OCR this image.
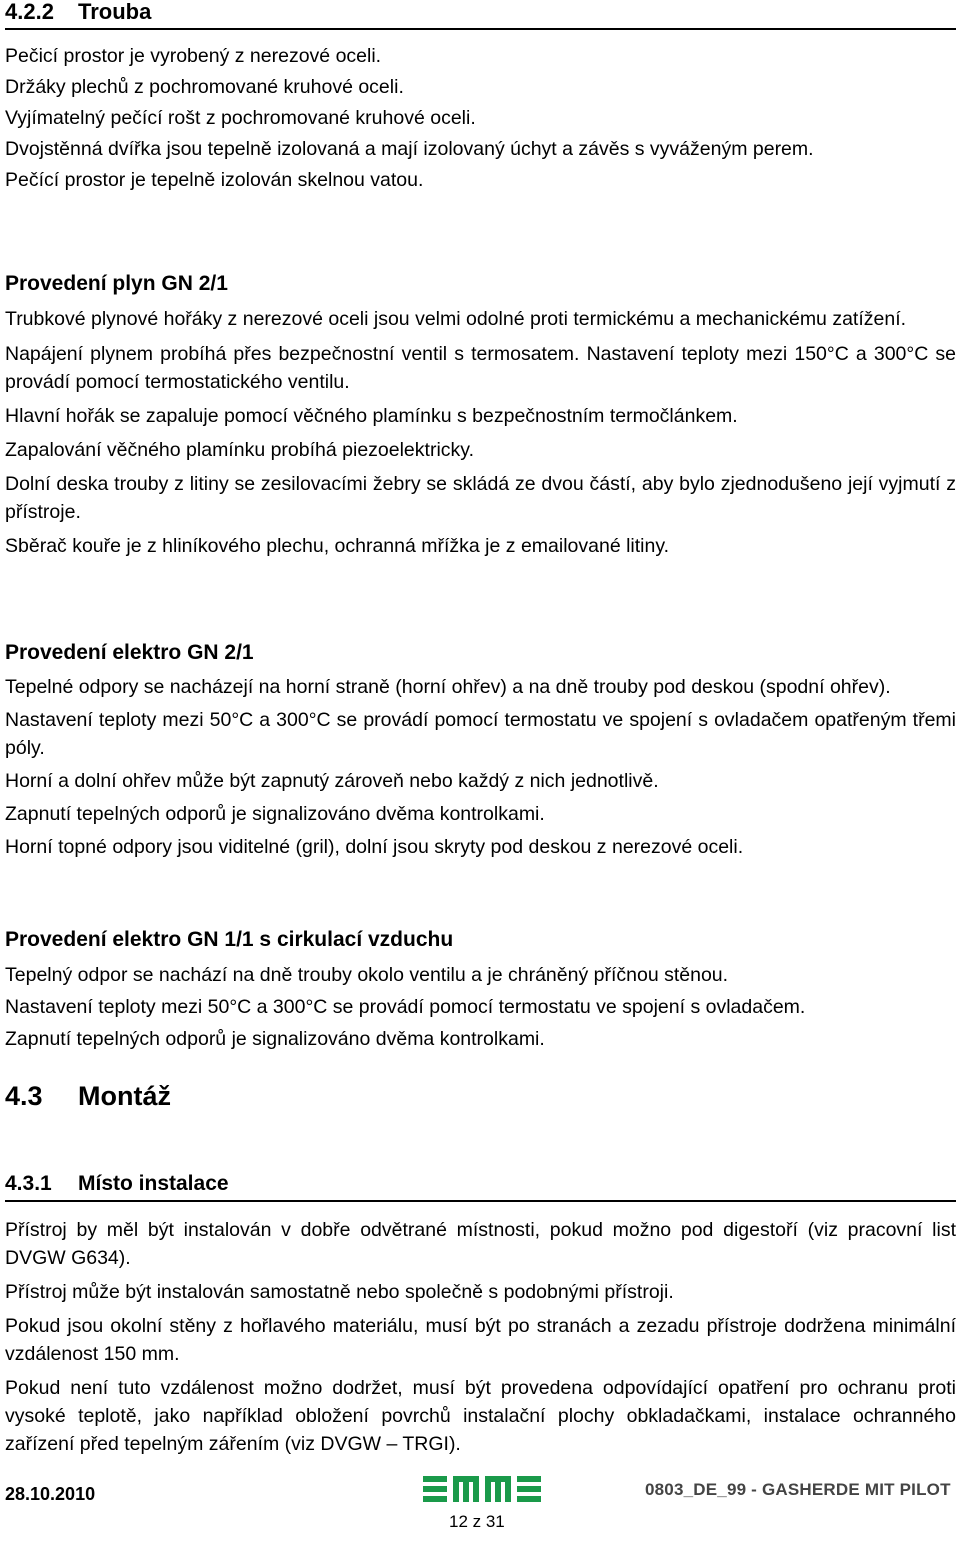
4.2.2 Trouba

Pečicí prostor je vyrobený z nerezové oceli.

Držáky plechů z pochromované kruhové oceli.

Vyjímatelný pečící rošt z pochromované kruhové oceli.

Dvojstěnná dvířka jsou tepelně izolovaná a mají izolovaný úchyt a závěs s vyváženým perem.

Pečící prostor je tepelně izolován skelnou vatou.

Provedení plyn GN 2/1

Trubkové plynové hořáky z nerezové oceli jsou velmi odolné proti termickému a mechanickému zatížení.

Napájení plynem probíhá přes bezpečnostní ventil s termosatem. Nastavení teploty mezi 150°C a 300°C se provádí pomocí termostatického ventilu.

Hlavní hořák se zapaluje pomocí věčného plamínku s bezpečnostním termočlánkem.

Zapalování věčného plamínku probíhá piezoelektricky.

Dolní deska trouby z litiny se zesilovacími žebry se skládá ze dvou částí, aby bylo zjednodušeno její vyjmutí z přístroje.

Sběrač kouře je z hliníkového plechu, ochranná mřížka je z emailované litiny.

Provedení elektro GN 2/1

Tepelné odpory se nacházejí na horní straně (horní ohřev) a na dně trouby pod deskou (spodní ohřev).

Nastavení teploty mezi 50°C a 300°C se provádí pomocí termostatu ve spojení s ovladačem opatřeným třemi póly.

Horní a dolní ohřev může být zapnutý zároveň nebo každý z nich jednotlivě.

Zapnutí tepelných odporů je signalizováno dvěma kontrolkami.

Horní topné odpory jsou viditelné (gril), dolní jsou skryty pod deskou z nerezové oceli.

Provedení elektro GN 1/1 s cirkulací vzduchu

Tepelný odpor se nachází na dně trouby okolo ventilu a je chráněný příčnou stěnou.

Nastavení teploty mezi 50°C a 300°C se provádí pomocí termostatu ve spojení s ovladačem.

Zapnutí tepelných odporů je signalizováno dvěma kontrolkami.

4.3 Montáž
4.3.1 Místo instalace

Přístroj by měl být instalován v dobře odvětrané místnosti, pokud možno pod digestoří (viz pracovní list DVGW G634).

Přístroj může být instalován samostatně nebo společně s podobnými přístroji.

Pokud jsou okolní stěny z hořlavého materiálu, musí být po stranách a zezadu přístroje dodržena minimální vzdálenost 150 mm.

Pokud není tuto vzdálenost možno dodržet, musí být provedena odpovídající opatření pro ochranu proti vysoké teplotě, jako například obložení povrchů instalační plochy obkladačkami, instalace ochranného zařízení před tepelným zářením (viz DVGW – TRGI).

28.10.2010	0803_DE_99 - GASHERDE MIT PILOT
12 z 31
